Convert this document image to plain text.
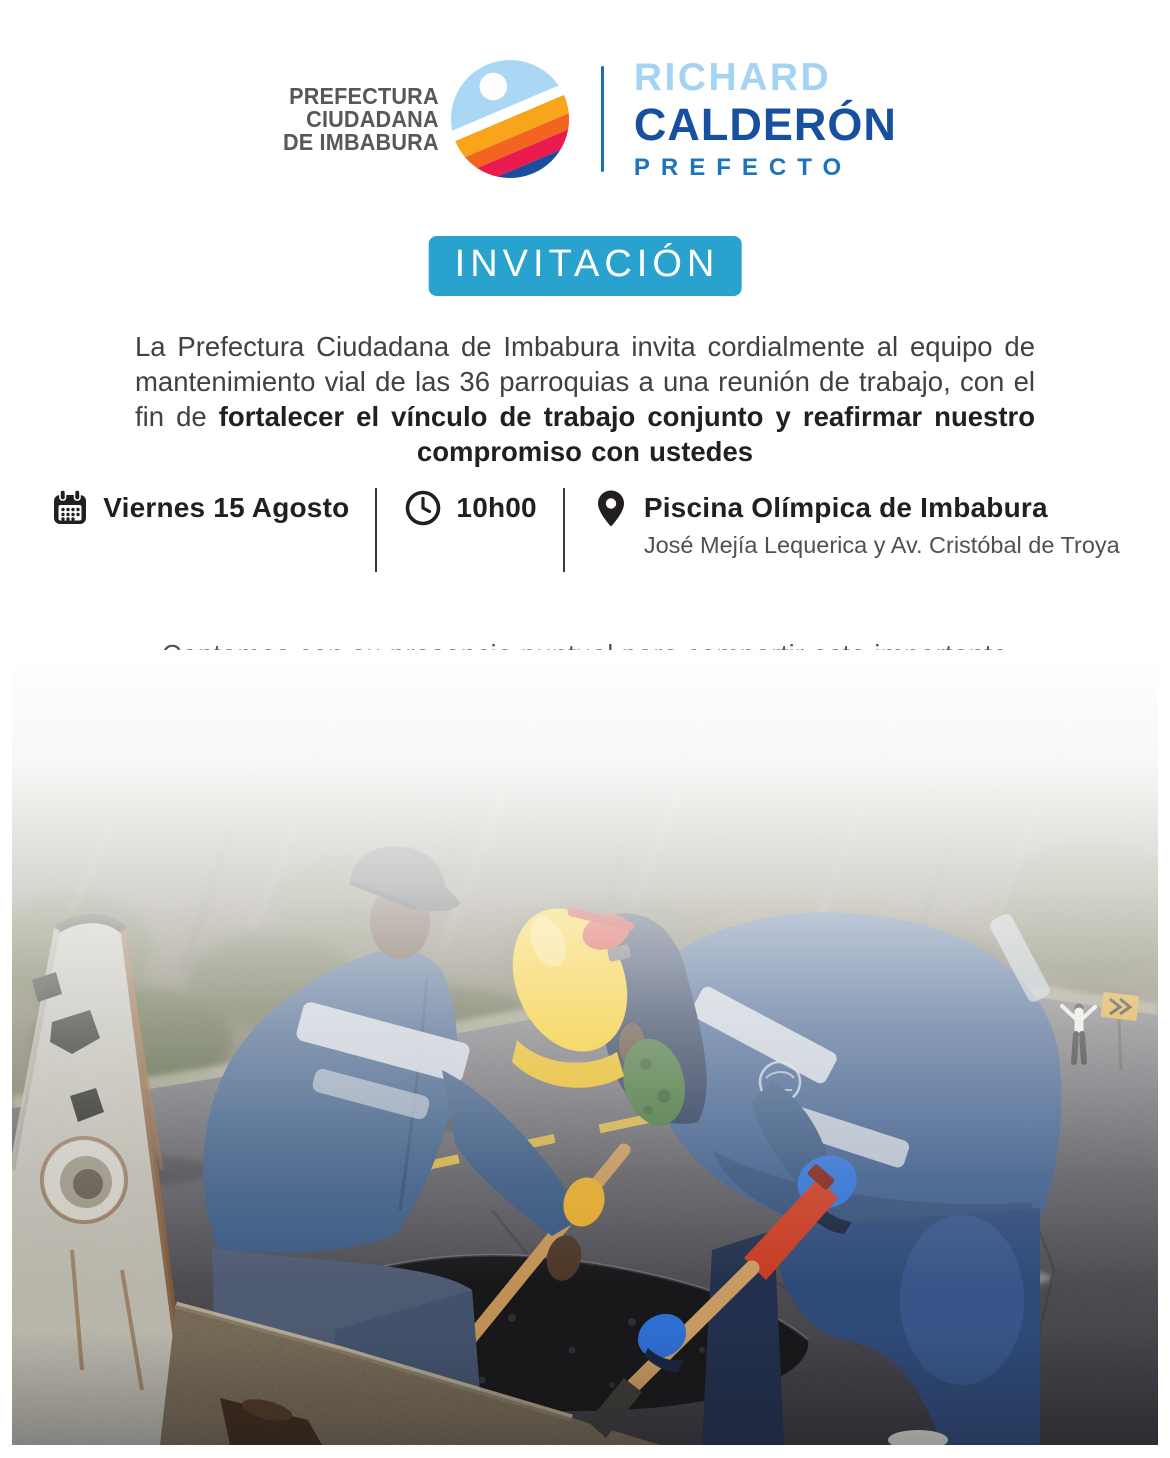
PREFECTURA
CIUDADANA
DE IMBABURA
RICHARD
CALDERÓN
PREFECTO
INVITACIÓN

La Prefectura Ciudadana de Imbabura invita cordialmente al equipo de mantenimiento vial de las 36 parroquias a una reunión de trabajo, con el fin de fortalecer el vínculo de trabajo conjunto y reafirmar nuestro compromiso con ustedes

Viernes 15 Agosto	10h00	Piscina Olímpica de Imbabura
José Mejía Lequerica y Av. Cristóbal de Troya
